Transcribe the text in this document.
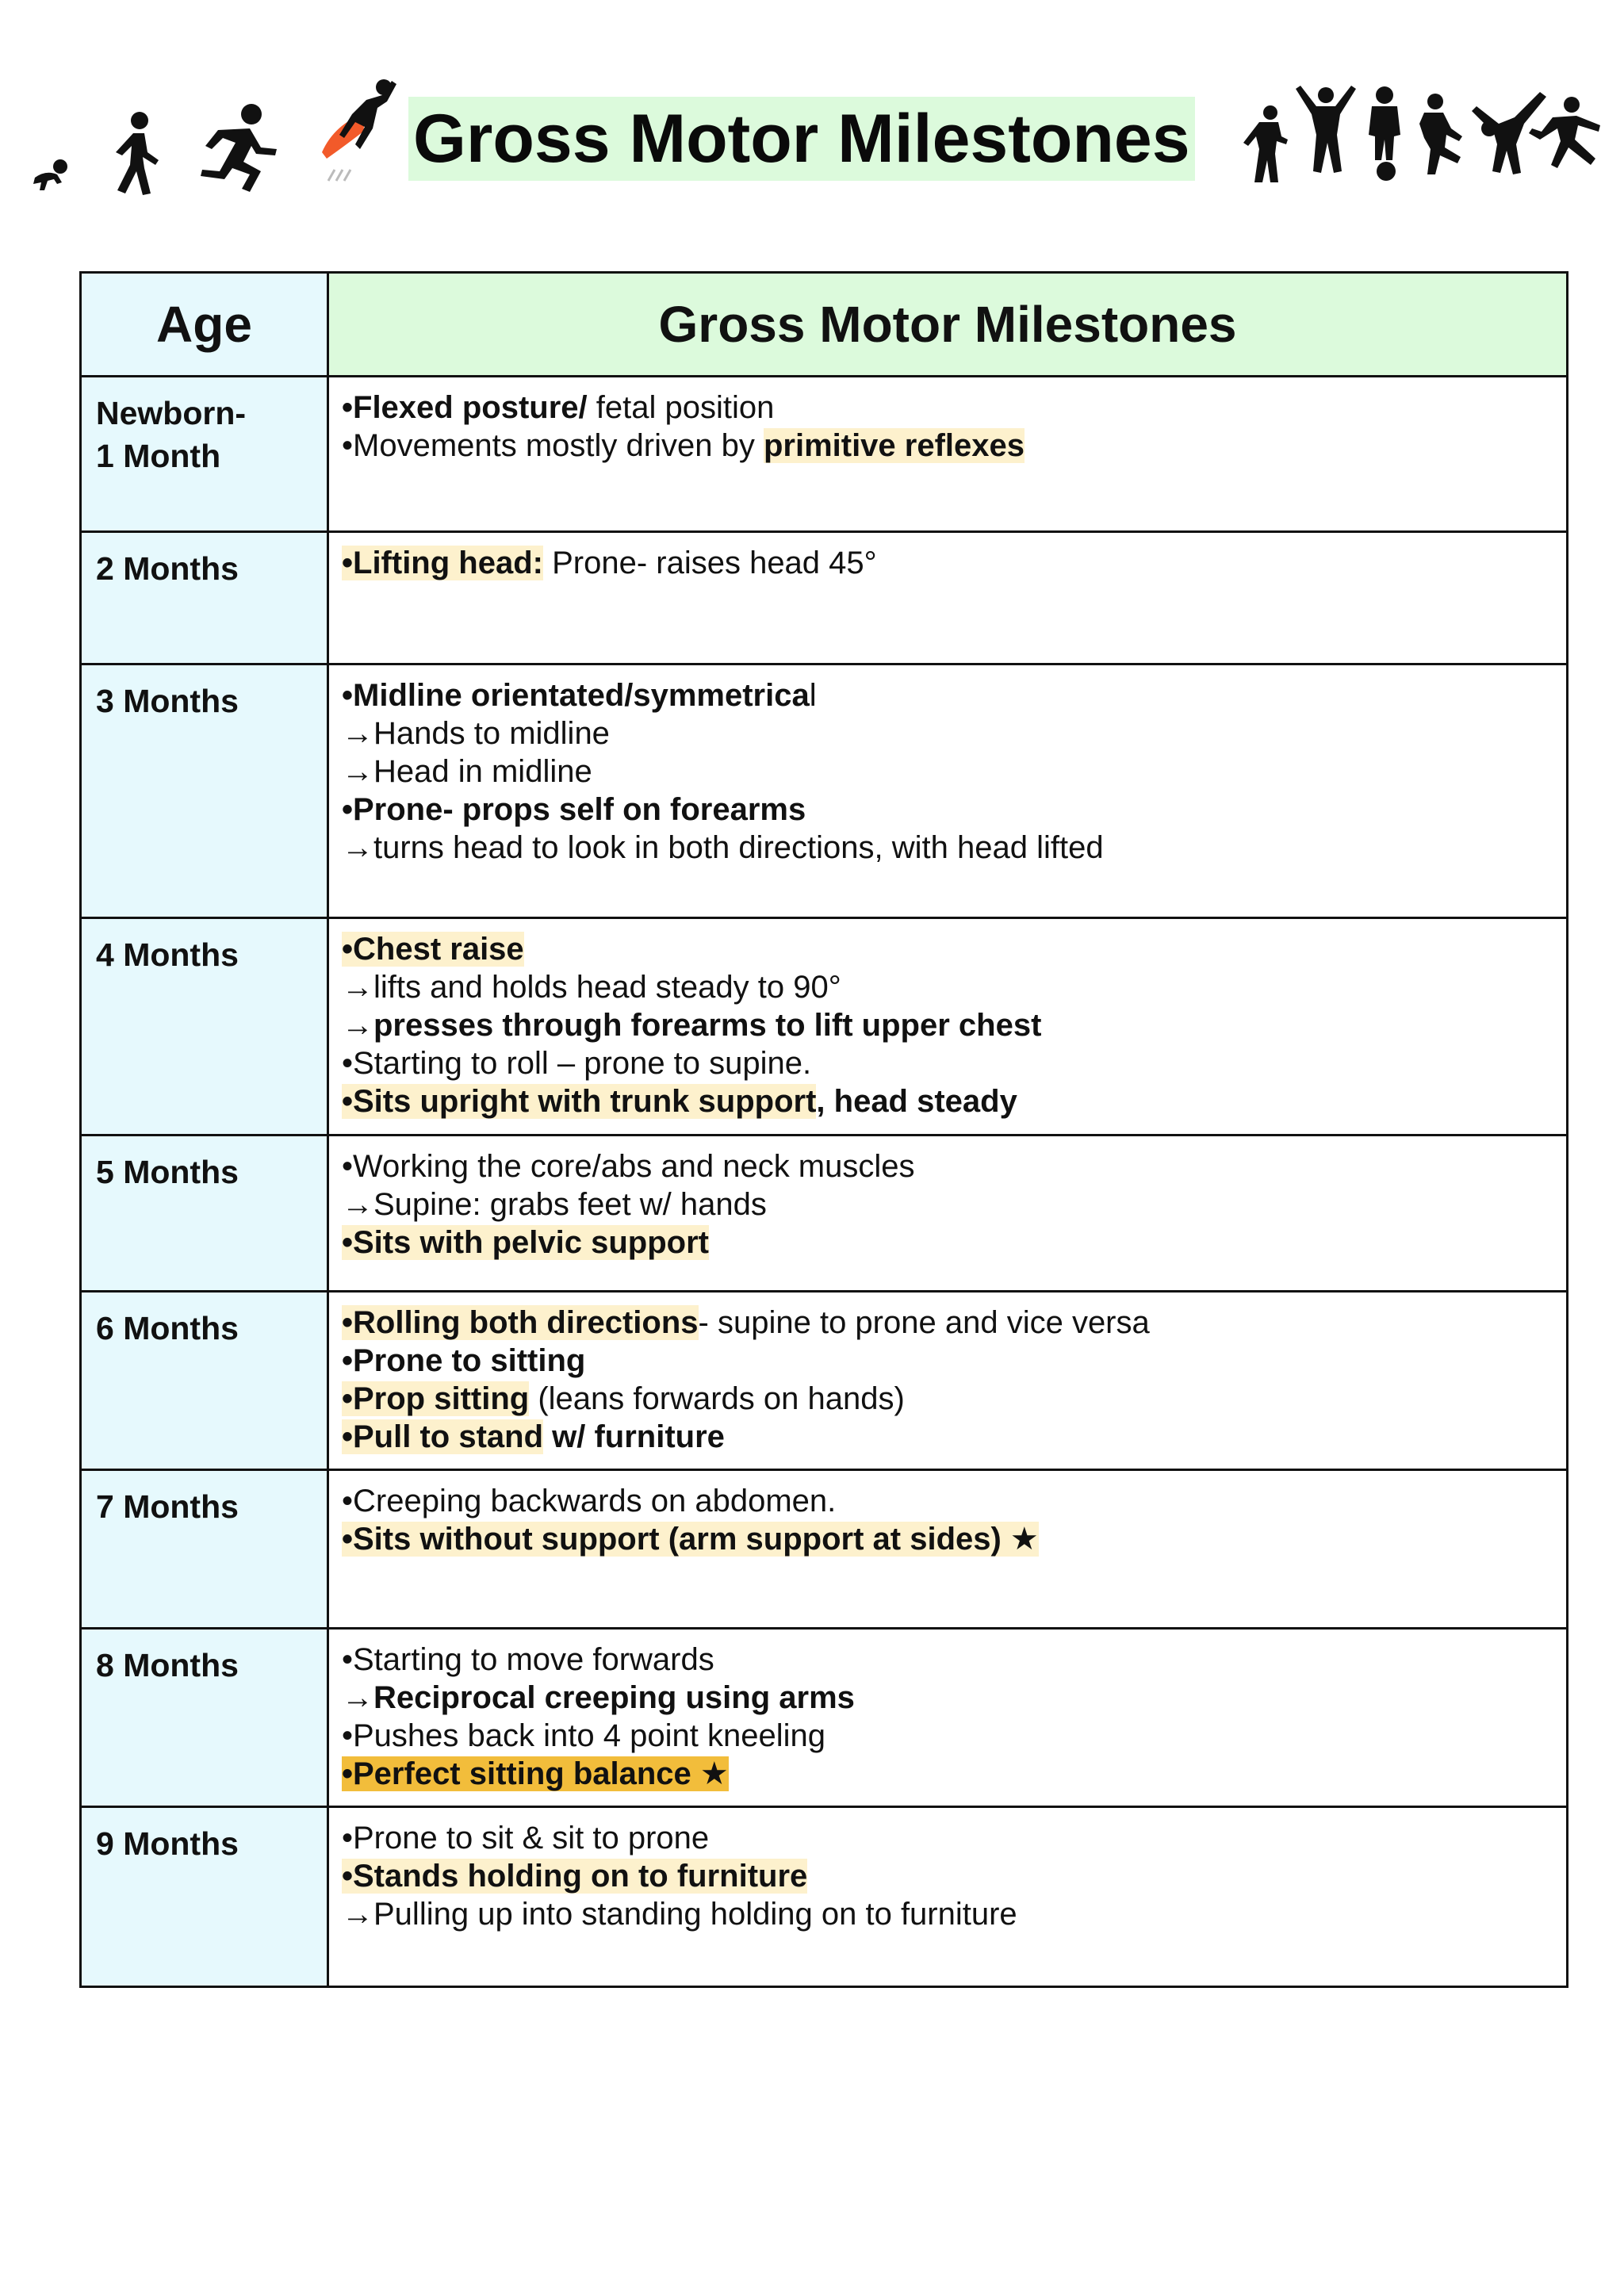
Gross Motor Milestones
Age	Gross Motor Milestones

Newborn-
1 Month	•Flexed posture/ fetal position
•Movements mostly driven by primitive reflexes

2 Months	•Lifting head: Prone- raises head 45°

3 Months	•Midline orientated/symmetrical
→Hands to midline
→Head in midline
•Prone- props self on forearms
→turns head to look in both directions, with head lifted

4 Months	•Chest raise
→lifts and holds head steady to 90°
→presses through forearms to lift upper chest
•Starting to roll – prone to supine.
•Sits upright with trunk support, head steady

5 Months	•Working the core/abs and neck muscles
→Supine: grabs feet w/ hands
•Sits with pelvic support

6 Months	•Rolling both directions- supine to prone and vice versa
•Prone to sitting
•Prop sitting (leans forwards on hands)
•Pull to stand w/ furniture

7 Months	•Creeping backwards on abdomen.
•Sits without support (arm support at sides) ★

8 Months	•Starting to move forwards
→Reciprocal creeping using arms
•Pushes back into 4 point kneeling
•Perfect sitting balance ★

9 Months	•Prone to sit & sit to prone
•Stands holding on to furniture
→Pulling up into standing holding on to furniture
